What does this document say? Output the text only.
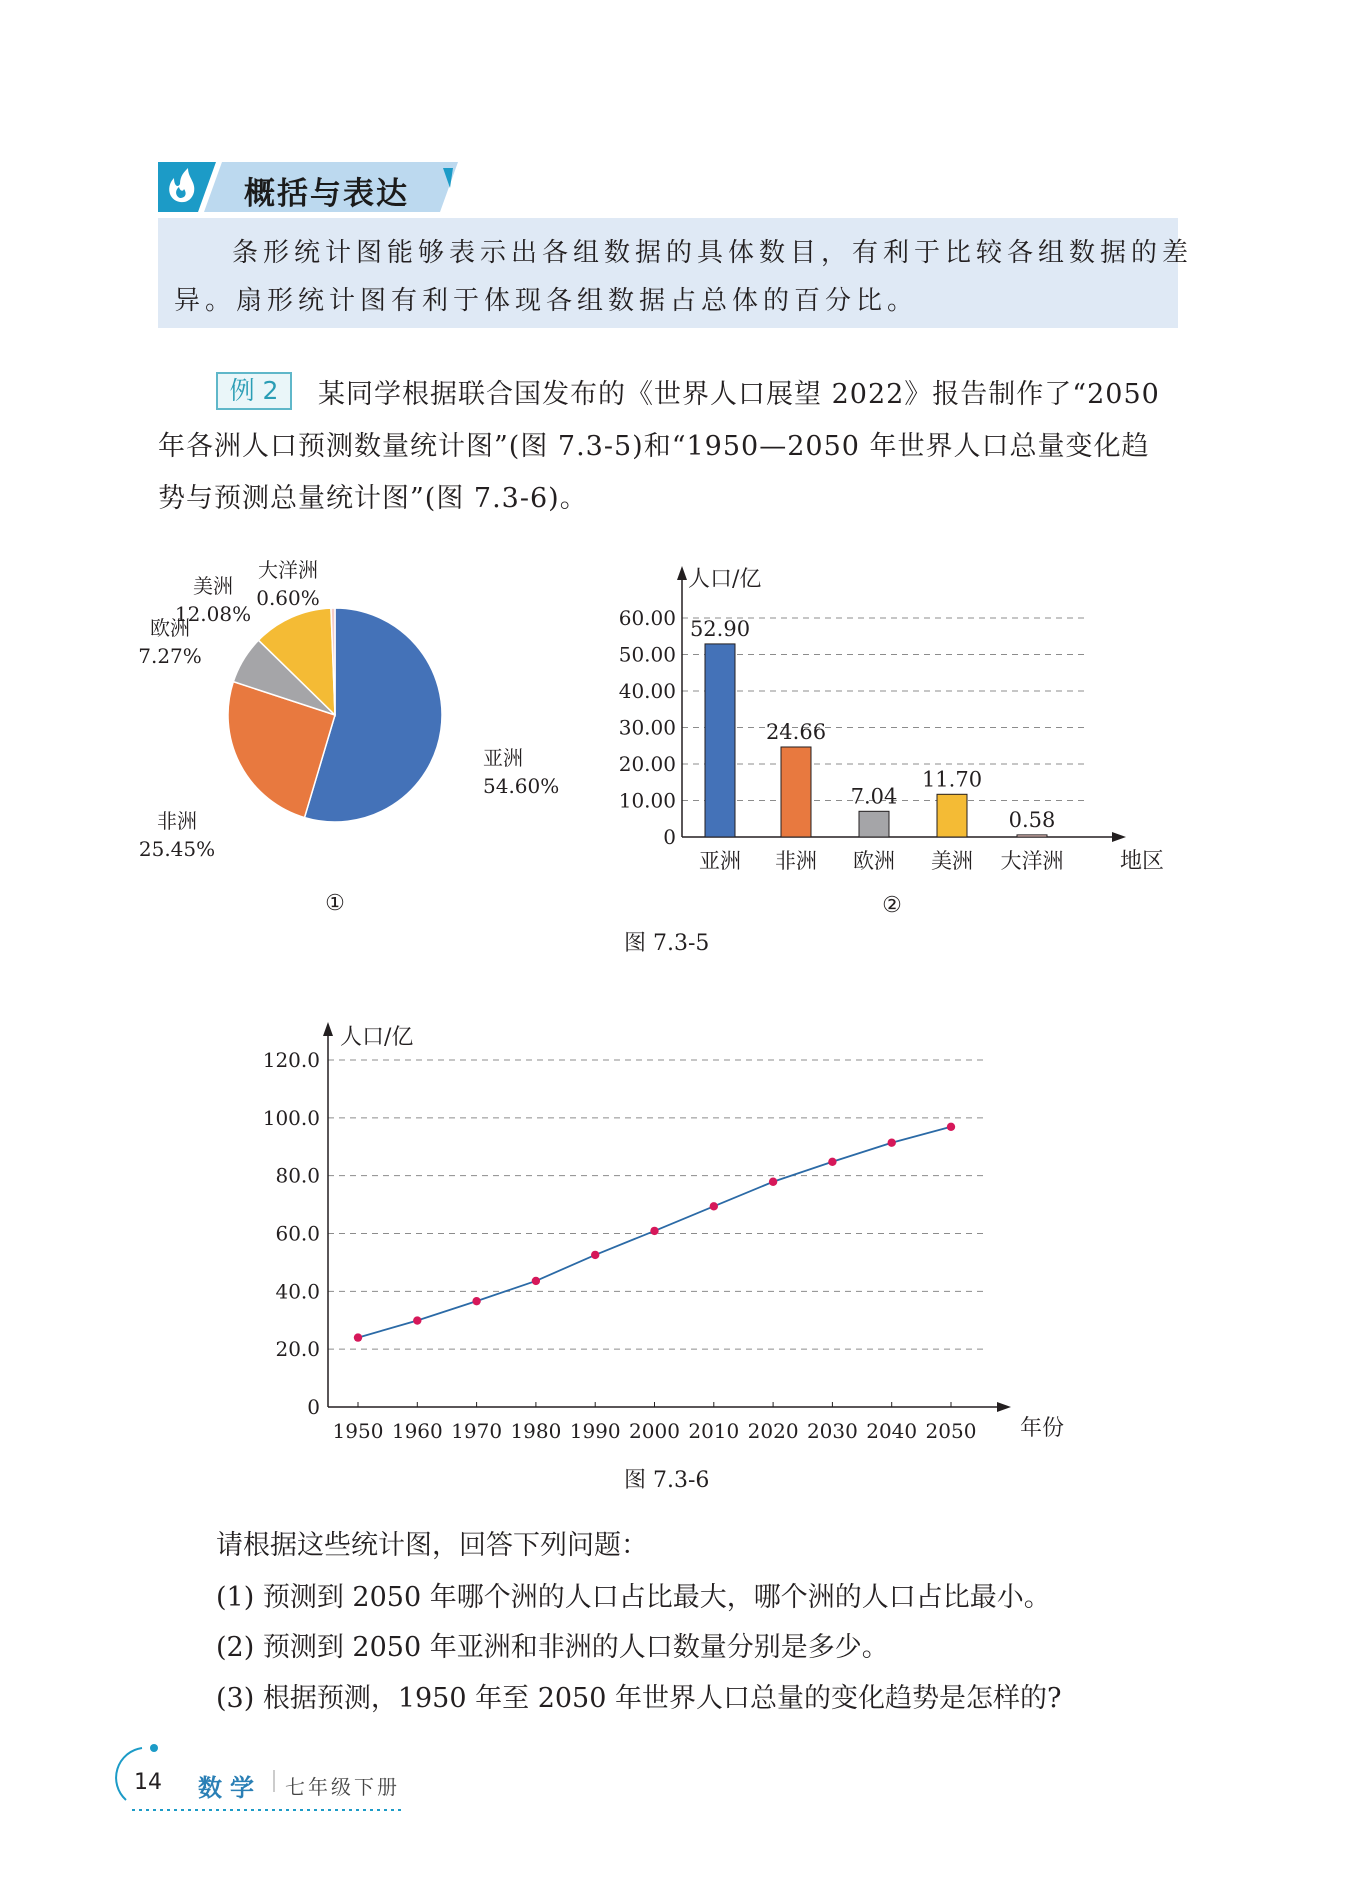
概括与表达
条形统计图能够表示出各组数据的具体数目，有利于比较各组数据的差
异。扇形统计图有利于体现各组数据占总体的百分比。
例 2	某同学根据联合国发布的《世界人口展望 2022》报告制作了“2050
年各洲人口预测数量统计图”(图 7.3-5)和“1950—2050 年世界人口总量变化趋
势与预测总量统计图”(图 7.3-6)。
亚洲
54.60%
非洲
25.45%
欧洲
7.27%
美洲
12.08%
大洋洲
0.60%
①
0
10.00
20.00
30.00
40.00
50.00
60.00
人口/亿
地区
52.90
亚洲
24.66
非洲
7.04
欧洲
11.70
美洲
0.58
大洋洲
②
图 7.3-5
0
20.0
40.0
60.0
80.0
100.0
120.0
人口/亿
年份
1950 1960 1970 1980 1990 2000 2010 2020 2030 2040 2050
图 7.3-6
请根据这些统计图，回答下列问题：
(1) 预测到 2050 年哪个洲的人口占比最大，哪个洲的人口占比最小。
(2) 预测到 2050 年亚洲和非洲的人口数量分别是多少。
(3) 根据预测，1950 年至 2050 年世界人口总量的变化趋势是怎样的?
14 数学 七年级下册
